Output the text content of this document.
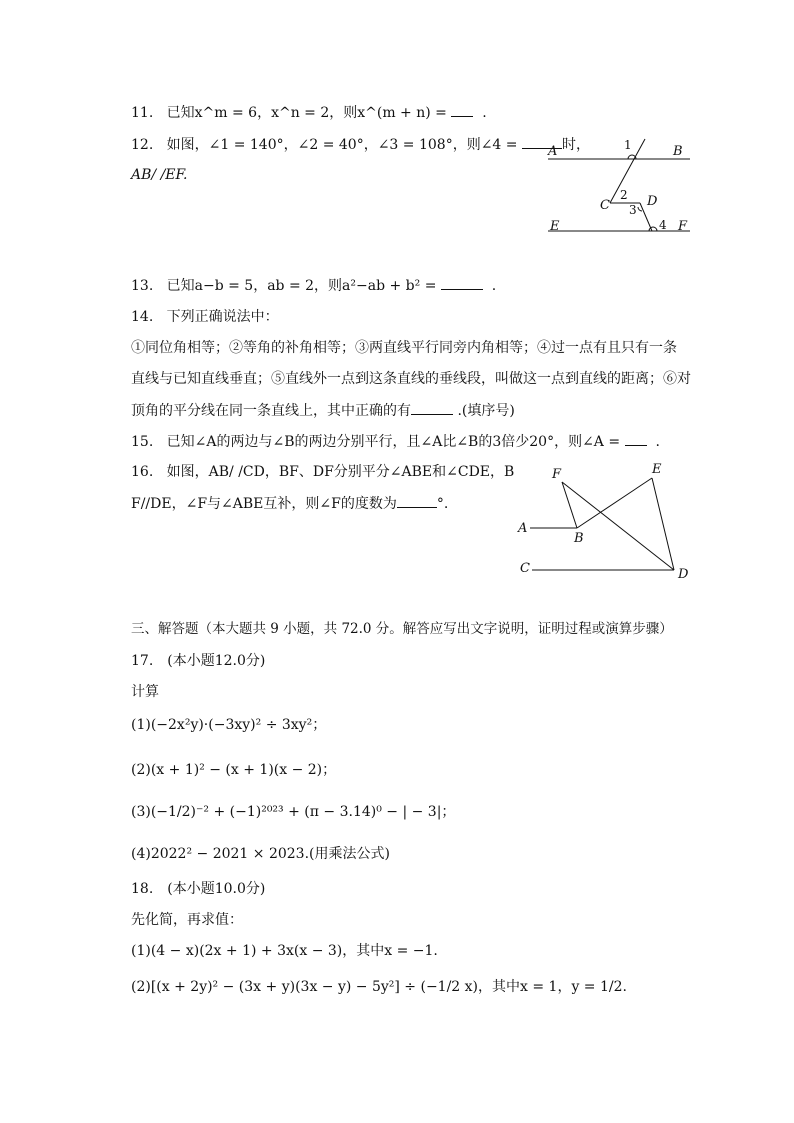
11. 已知x^m = 6，x^n = 2，则x^(m + n) =   .
12. 如图，∠1 = 140°，∠2 = 40°，∠3 = 108°，则∠4 =	时，
AB/ /EF.
A	B
C	D
E	F
1
2
3
4
13. 已知a−b = 5，ab = 2，则a²−ab + b² =	.
14. 下列正确说法中：
①同位角相等；②等角的补角相等；③两直线平行同旁内角相等；④过一点有且只有一条
直线与已知直线垂直；⑤直线外一点到这条直线的垂线段，叫做这一点到直线的距离；⑥对
顶角的平分线在同一条直线上，其中正确的有	.(填序号)
15. 已知∠A的两边与∠B的两边分别平行，且∠A比∠B的3倍少20°，则∠A =   .
16. 如图，AB/ /CD，BF、DF分别平分∠ABE和∠CDE，B
F//DE，∠F与∠ABE互补，则∠F的度数为	°.
F	E
A
B
C	D
三、解答题（本大题共 9 小题，共 72.0 分。解答应写出文字说明，证明过程或演算步骤）
17.　(本小题12.0分)
计算
(1)(−2x²y)·(−3xy)² ÷ 3xy²；
(2)(x + 1)² − (x + 1)(x − 2)；
(3)(−1/2)⁻² + (−1)²⁰²³ + (π − 3.14)⁰ − | − 3|；
(4)2022² − 2021 × 2023.(用乘法公式)
18.　(本小题10.0分)
先化简，再求值：
(1)(4 − x)(2x + 1) + 3x(x − 3)，其中x = −1.
(2)[(x + 2y)² − (3x + y)(3x − y) − 5y²] ÷ (−1/2 x)，其中x = 1，y = 1/2.
